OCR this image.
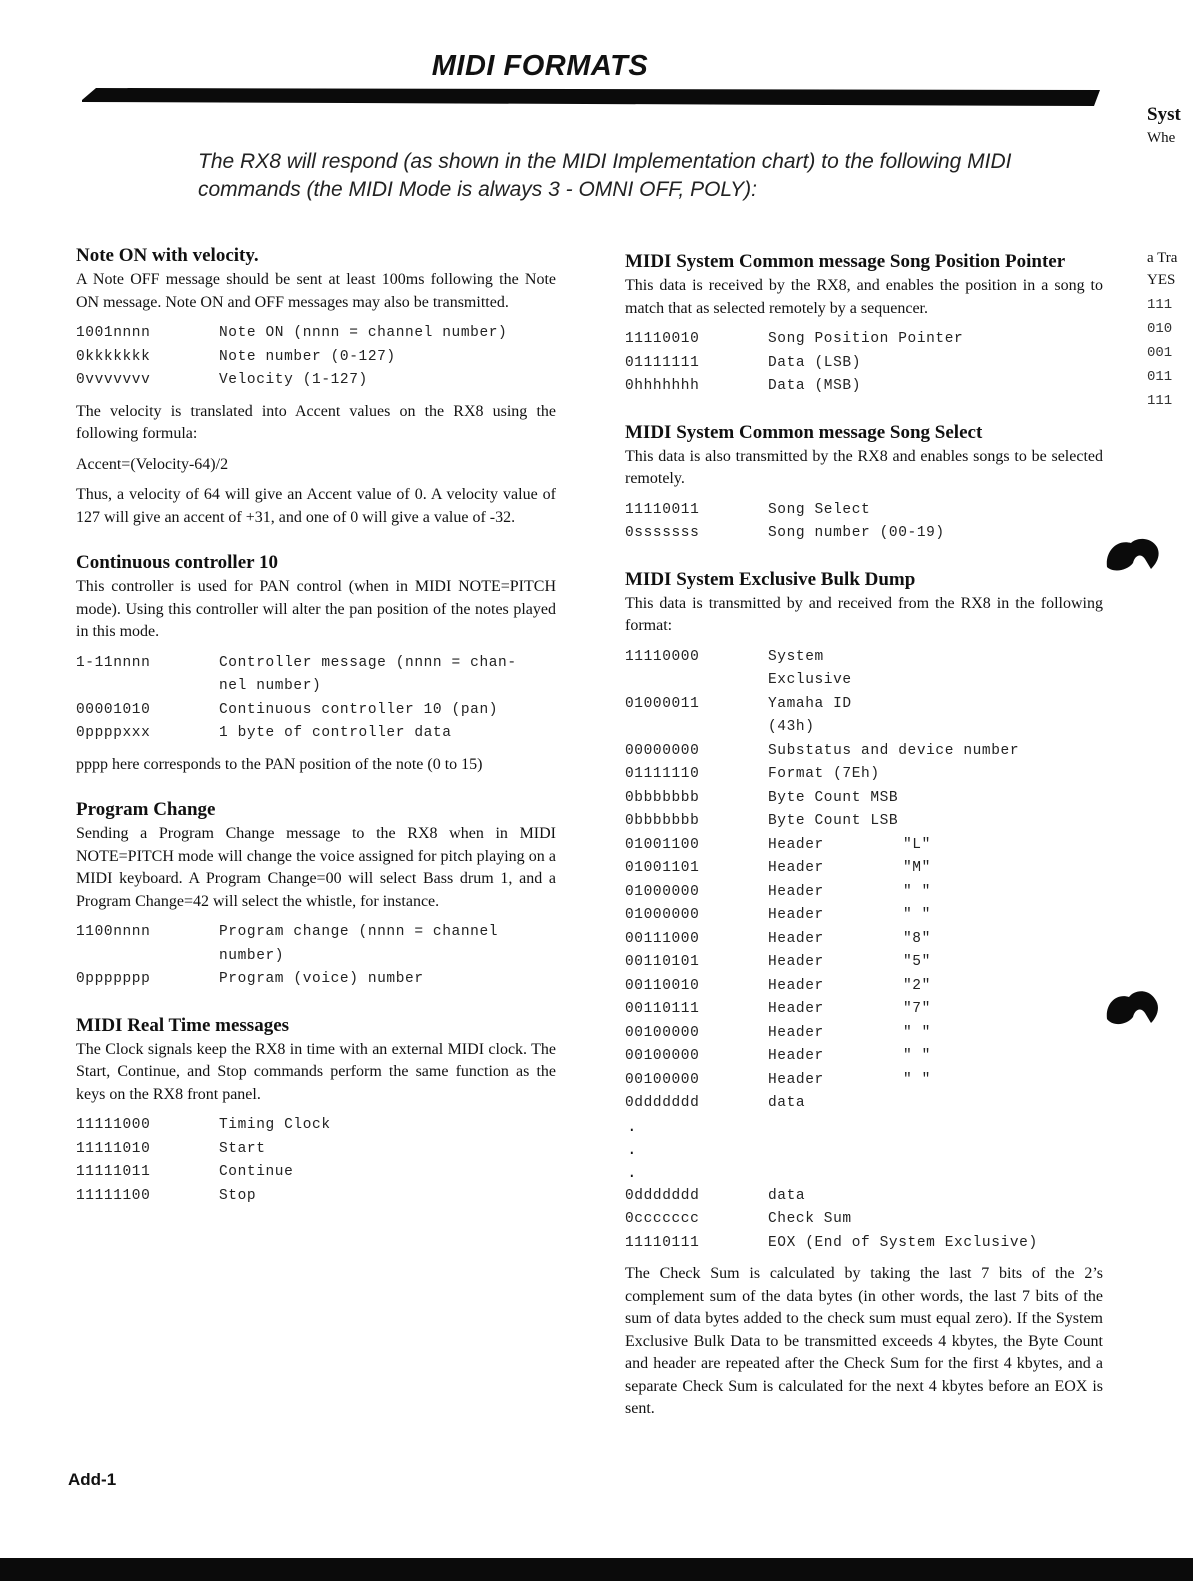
MIDI FORMATS
The RX8 will respond (as shown in the MIDI Implementation chart) to the following MIDI commands (the MIDI Mode is always 3 - OMNI OFF, POLY):
Note ON with velocity.

A Note OFF message should be sent at least 100ms following the Note ON message. Note ON and OFF messages may also be transmitted.

1001nnnn	Note ON (nnnn = channel number)
0kkkkkkk	Note number (0-127)
0vvvvvvv	Velocity (1-127)

The velocity is translated into Accent values on the RX8 using the following formula:

Accent=(Velocity-64)/2

Thus, a velocity of 64 will give an Accent value of 0. A velocity value of 127 will give an accent of +31, and one of 0 will give a value of -32.

Continuous controller 10

This controller is used for PAN control (when in MIDI NOTE=PITCH mode). Using this controller will alter the pan position of the notes played in this mode.

1-11nnnn	Controller message (nnnn = chan-nel number)
00001010	Continuous controller 10 (pan)
0ppppxxx	1 byte of controller data

pppp here corresponds to the PAN position of the note (0 to 15)

Program Change

Sending a Program Change message to the RX8 when in MIDI NOTE=PITCH mode will change the voice assigned for pitch playing on a MIDI keyboard. A Program Change=00 will select Bass drum 1, and a Program Change=42 will select the whistle, for instance.

1100nnnn	Program change (nnnn = channel number)
0ppppppp	Program (voice) number
MIDI Real Time messages

The Clock signals keep the RX8 in time with an external MIDI clock. The Start, Continue, and Stop commands perform the same function as the keys on the RX8 front panel.

11111000	Timing Clock
11111010	Start
11111011	Continue
11111100	Stop
MIDI System Common message Song Position Pointer

This data is received by the RX8, and enables the position in a song to match that as selected remotely by a sequencer.

11110010	Song Position Pointer
01111111	Data (LSB)
0hhhhhhh	Data (MSB)
MIDI System Common message Song Select

This data is also transmitted by the RX8 and enables songs to be selected remotely.

11110011	Song Select
0sssssss	Song number (00-19)
MIDI System Exclusive Bulk Dump

This data is transmitted by and received from the RX8 in the following format:

11110000	System Exclusive	
01000011	Yamaha ID (43h)	
00000000	Substatus and device number	
01111110	Format (7Eh)	
0bbbbbbb	Byte Count MSB	
0bbbbbbb	Byte Count LSB	
01001100	Header	"L"
01001101	Header	"M"
01000000	Header	" "
01000000	Header	" "
00111000	Header	"8"
00110101	Header	"5"
00110010	Header	"2"
00110111	Header	"7"
00100000	Header	" "
00100000	Header	" "
00100000	Header	" "
0ddddddd	data	
.
.
.
0ddddddd	data
0ccccccc	Check Sum
11110111	EOX (End of System Exclusive)

The Check Sum is calculated by taking the last 7 bits of the 2’s complement sum of the data bytes (in other words, the last 7 bits of the sum of data bytes added to the check sum must equal zero). If the System Exclusive Bulk Data to be transmitted exceeds 4 kbytes, the Byte Count and header are repeated after the Check Sum for the first 4 kbytes, and a separate Check Sum is calculated for the next 4 kbytes before an EOX is sent.

Syst
Whe
a Tra
YES
111
010
001
011
111
Add-1
